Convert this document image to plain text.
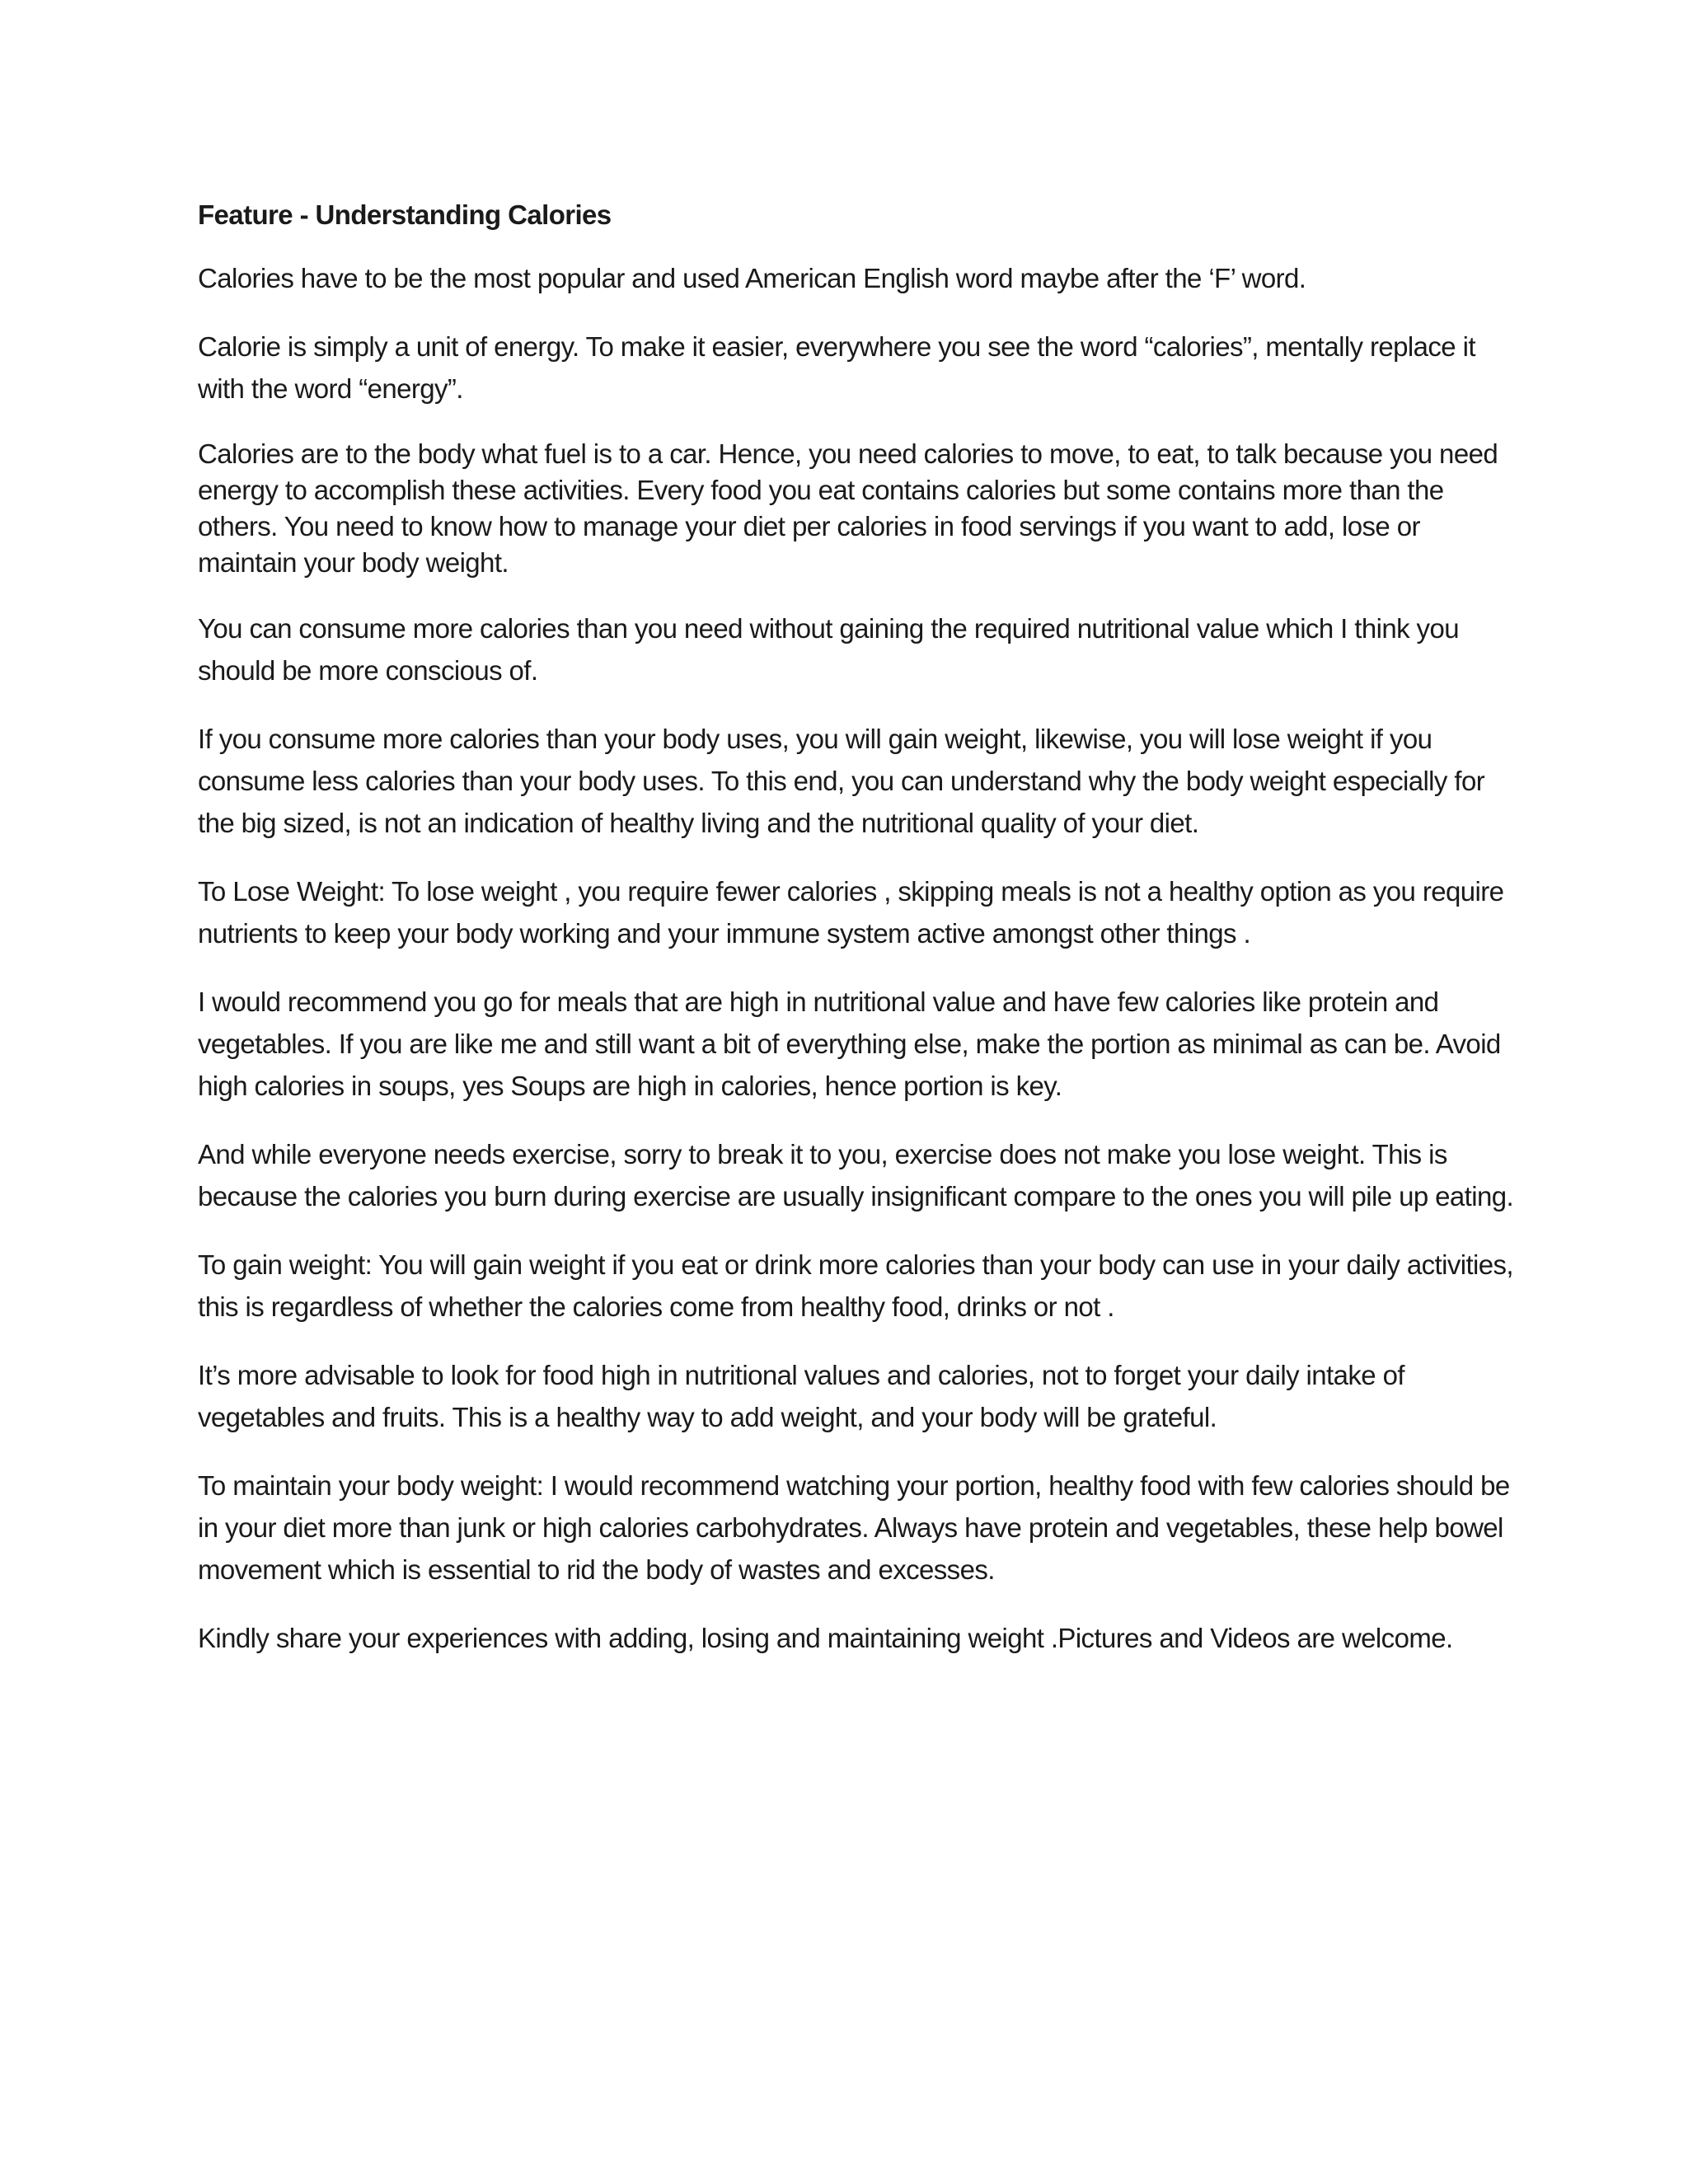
Feature - Understanding Calories

Calories have to be the most popular and used American English word maybe after the ‘F’ word.

Calorie is simply a unit of energy. To make it easier, everywhere you see the word “calories”, mentally replace it with the word “energy”.

Calories are to the body what fuel is to a car. Hence, you need calories to move, to eat, to talk because you need energy to accomplish these activities. Every food you eat contains calories but some contains more than the others. You need to know how to manage your diet per calories in food servings if you want to add, lose or maintain your body weight.

You can consume more calories than you need without gaining the required nutritional value which I think you should be more conscious of.

If you consume more calories than your body uses, you will gain weight, likewise, you will lose weight if you consume less calories than your body uses. To this end, you can understand why the body weight especially for the big sized, is not an indication of healthy living and the nutritional quality of your diet.

To Lose Weight: To lose weight , you require fewer calories , skipping meals is not a healthy option as you require nutrients to keep your body working and your immune system active amongst other things .

I would recommend you go for meals that are high in nutritional value and have few calories like protein and vegetables. If you are like me and still want a bit of everything else, make the portion as minimal as can be. Avoid high calories in soups, yes Soups are high in calories, hence portion is key.

And while everyone needs exercise, sorry to break it to you, exercise does not make you lose weight. This is because the calories you burn during exercise are usually insignificant compare to the ones you will pile up eating.

To gain weight: You will gain weight if you eat or drink more calories than your body can use in your daily activities, this is regardless of whether the calories come from healthy food, drinks or not .

It’s more advisable to look for food high in nutritional values and calories, not to forget your daily intake of vegetables and fruits. This is a healthy way to add weight, and your body will be grateful.

To maintain your body weight: I would recommend watching your portion, healthy food with few calories should be in your diet more than junk or high calories carbohydrates. Always have protein and vegetables, these help bowel movement which is essential to rid the body of wastes and excesses.

Kindly share your experiences with adding, losing and maintaining weight .Pictures and Videos are welcome.
